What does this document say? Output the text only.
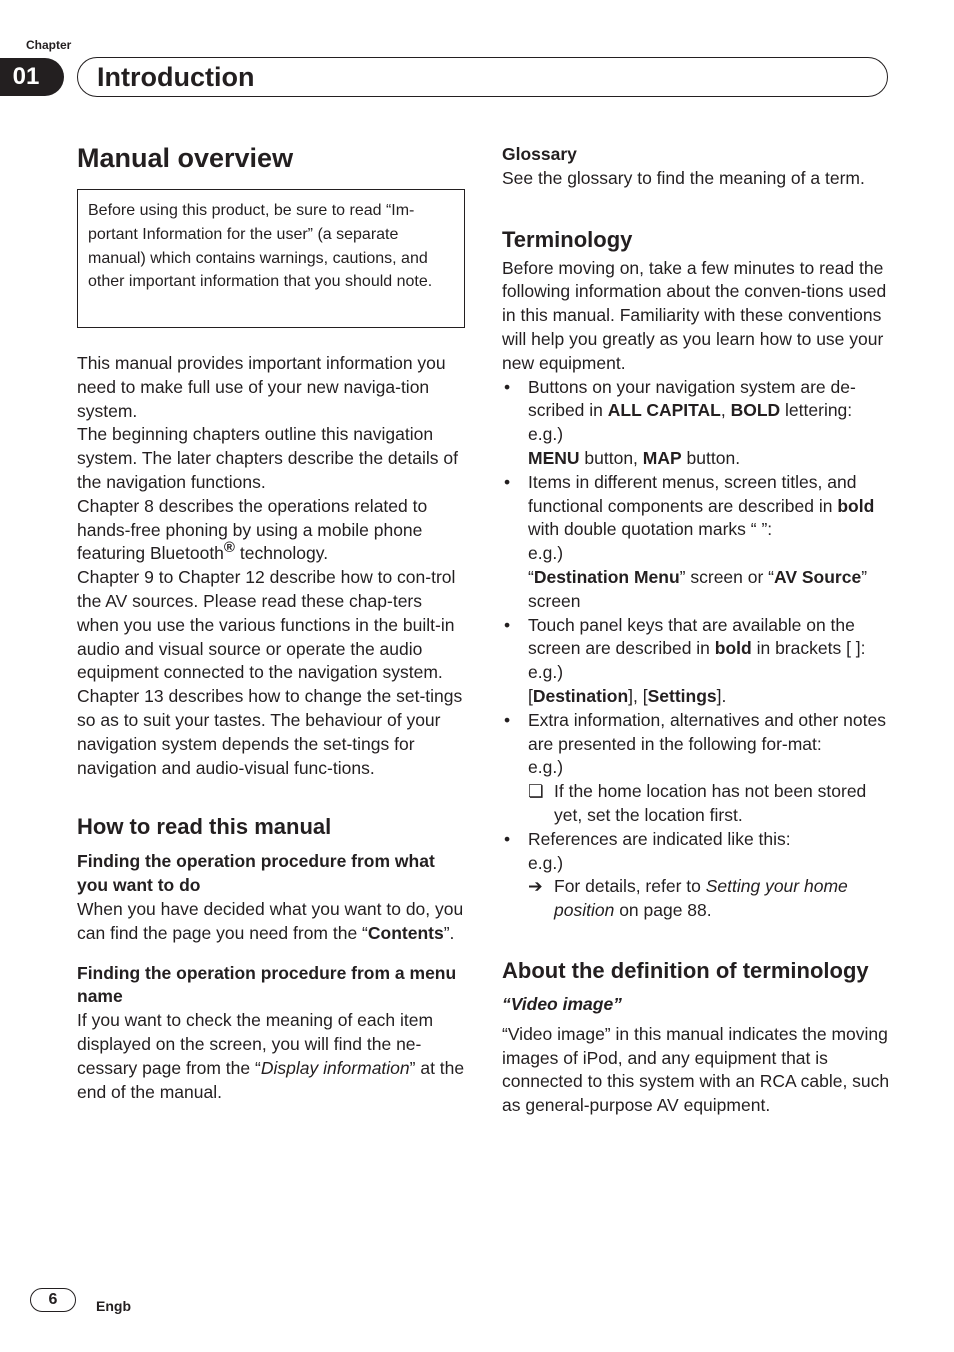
Chapter
01	Introduction
Manual overview

Before using this product, be sure to read “Im-portant Information for the user” (a separate manual) which contains warnings, cautions, and other important information that you should note.

This manual provides important information you need to make full use of your new naviga-tion system.

The beginning chapters outline this navigation system. The later chapters describe the details of the navigation functions.

Chapter 8 describes the operations related to hands-free phoning by using a mobile phone featuring Bluetooth® technology.

Chapter 9 to Chapter 12 describe how to con-trol the AV sources. Please read these chap-ters when you use the various functions in the built-in audio and visual source or operate the audio equipment connected to the navigation system.

Chapter 13 describes how to change the set-tings so as to suit your tastes. The behaviour of your navigation system depends the set-tings for navigation and audio-visual func-tions.

How to read this manual
Finding the operation procedure from what you want to do

When you have decided what you want to do, you can find the page you need from the “Contents”.

Finding the operation procedure from a menu name

If you want to check the meaning of each item displayed on the screen, you will find the ne-cessary page from the “Display information” at the end of the manual.

Glossary

See the glossary to find the meaning of a term.

Terminology

Before moving on, take a few minutes to read the following information about the conven-tions used in this manual. Familiarity with these conventions will help you greatly as you learn how to use your new equipment.

• Buttons on your navigation system are de-scribed in ALL CAPITAL, BOLD lettering:

e.g.)

MENU button, MAP button.

• Items in different menus, screen titles, and functional components are described in bold with double quotation marks “ ”:

e.g.)

“Destination Menu” screen or “AV Source” screen

• Touch panel keys that are available on the screen are described in bold in brackets [ ]:

e.g.)

[Destination], [Settings].

• Extra information, alternatives and other notes are presented in the following for-mat:

e.g.)

❏ If the home location has not been stored yet, set the location first.

• References are indicated like this:

e.g.)

➔ For details, refer to Setting your home position on page 88.

About the definition of terminology
“Video image”

“Video image” in this manual indicates the moving images of iPod, and any equipment that is connected to this system with an RCA cable, such as general-purpose AV equipment.

6	Engb
